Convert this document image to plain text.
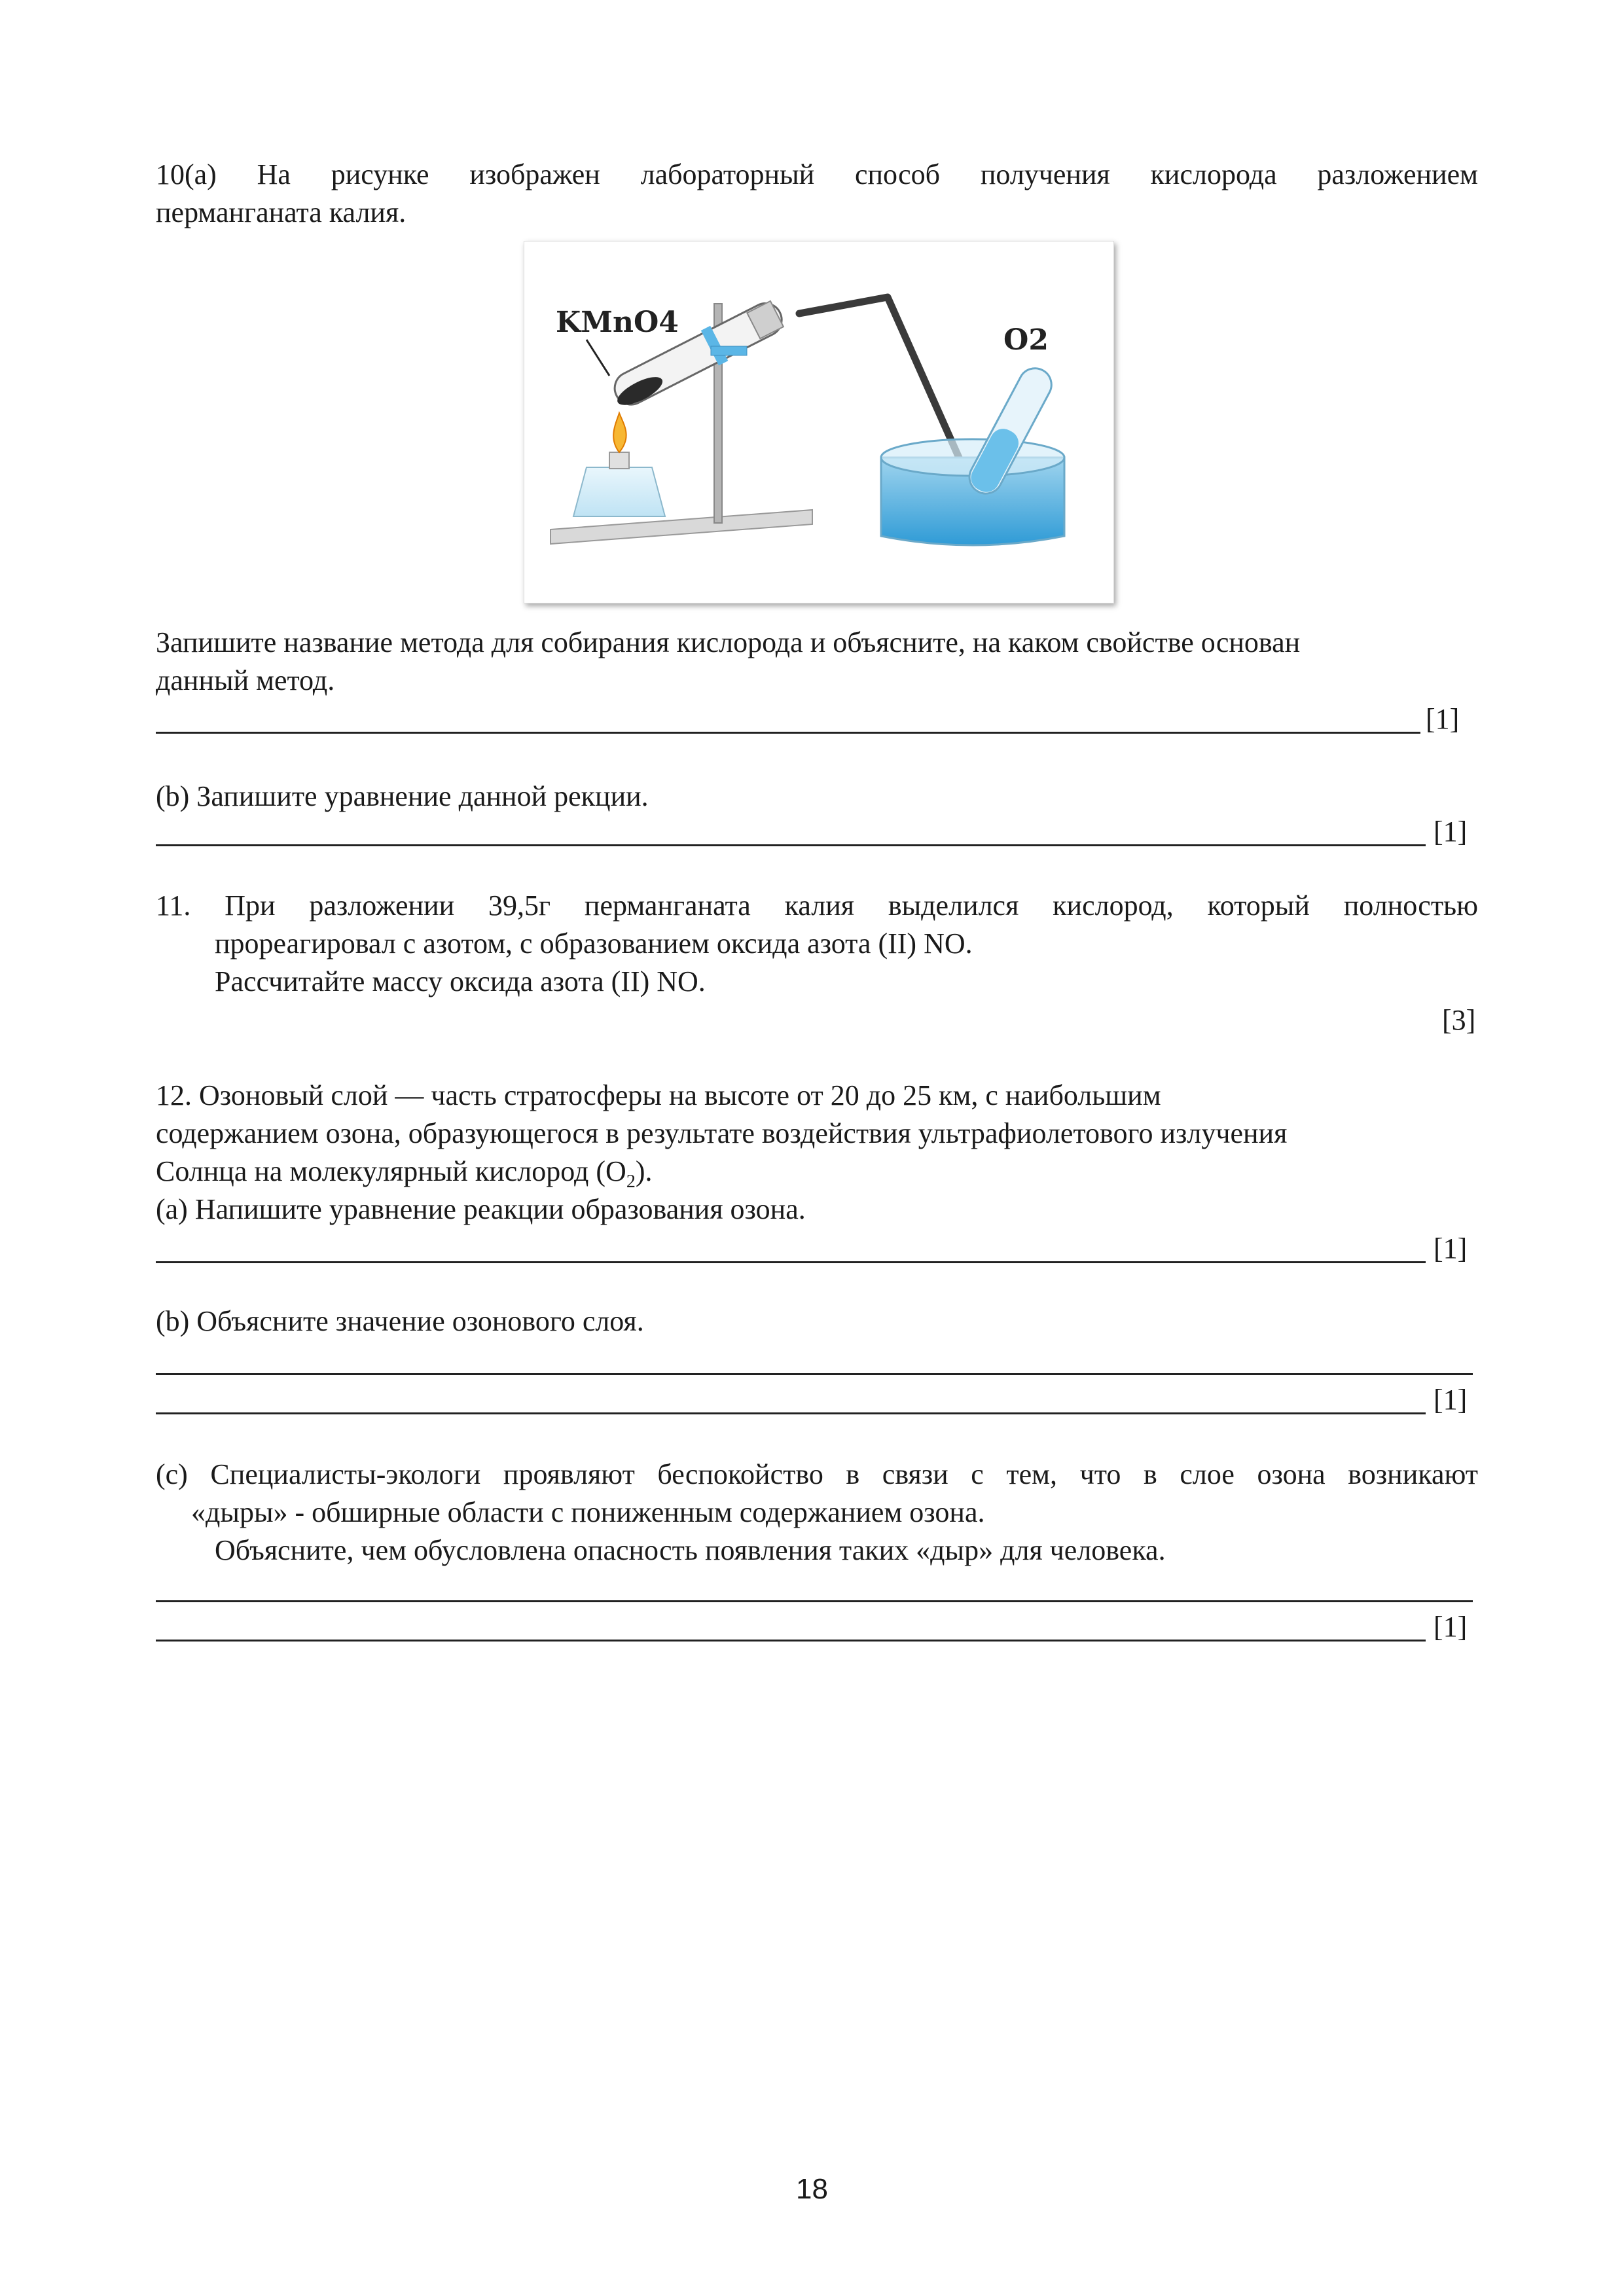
10(a) На рисунке изображен лабораторный способ получения кислорода разложением
перманганата калия.
KMnO4
O2
Запишите название метода для собирания кислорода и объясните, на каком свойстве основан
данный метод.
[1]
(b) Запишите уравнение данной рекции.
[1]
11. При разложении 39,5г перманганата калия выделился кислород, который полностью
прореагировал с азотом, с образованием оксида азота (II) NO.
Рассчитайте массу оксида азота (II) NO.
[3]
12. Озоновый слой — часть стратосферы на высоте от 20 до 25 км, с наибольшим
содержанием озона, образующегося в результате воздействия ультрафиолетового излучения
Солнца на молекулярный кислород $(O_2)$.
(a) Напишите уравнение реакции образования озона.
[1]
(b) Объясните значение озонового слоя.
[1]
(c) Специалисты-экологи проявляют беспокойство в связи с тем, что в слое озона возникают
«дыры» - обширные области с пониженным содержанием озона.
Объясните, чем обусловлена опасность появления таких «дыр» для человека.
[1]
18
